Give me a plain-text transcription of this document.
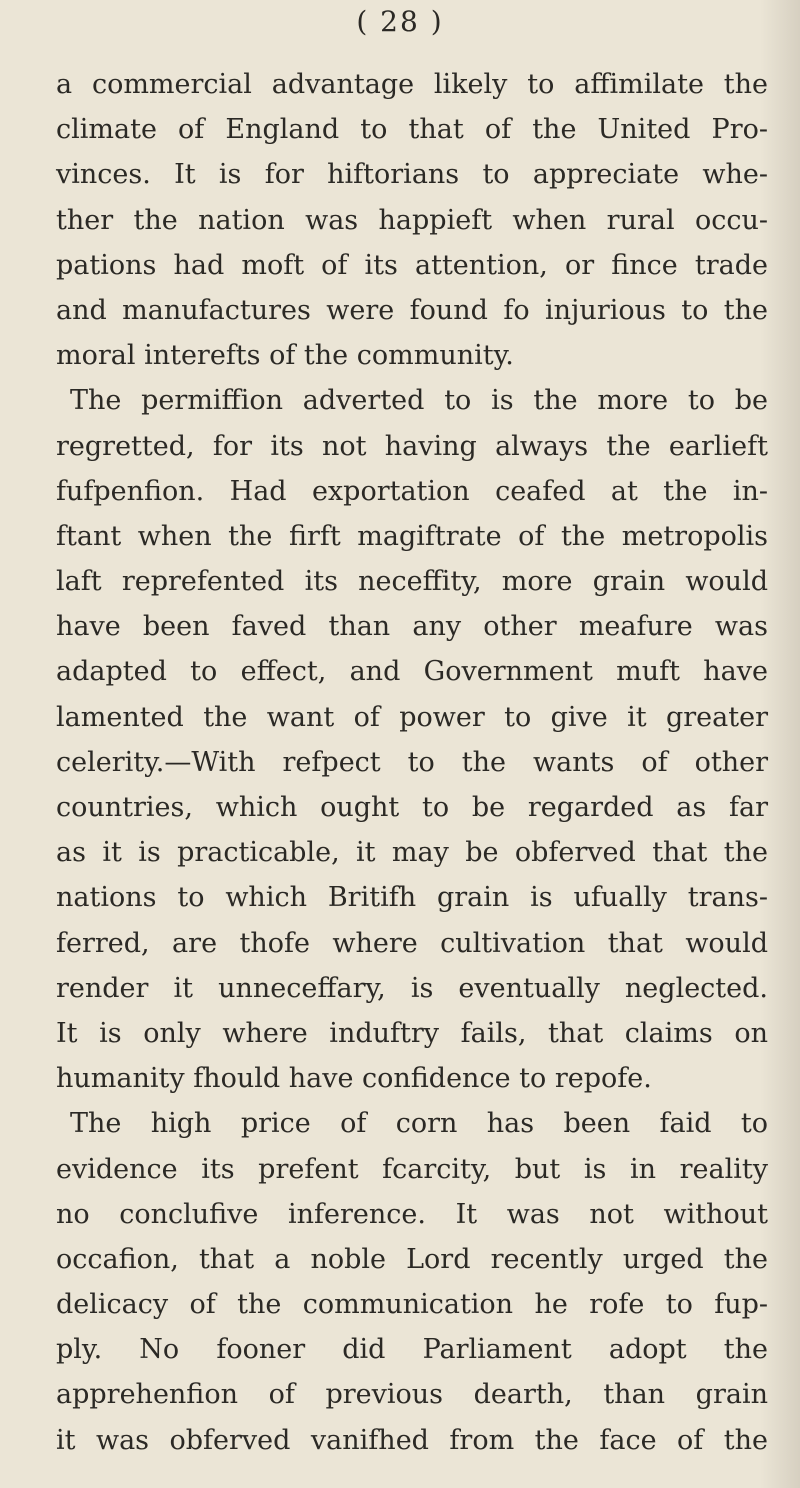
( 28 )
a commercial advantage likely to affimilate the
climate of England to that of the United Pro-
vinces. It is for hiftorians to appreciate whe-
ther the nation was happieft when rural occu-
pations had moft of its attention, or fince trade
and manufactures were found fo injurious to the
moral interefts of the community.
The permiffion adverted to is the more to be
regretted, for its not having always the earlieft
fufpenfion. Had exportation ceafed at the in-
ftant when the firft magiftrate of the metropolis
laft reprefented its neceffity, more grain would
have been faved than any other meafure was
adapted to effect, and Government muft have
lamented the want of power to give it greater
celerity.—With refpect to the wants of other
countries, which ought to be regarded as far
as it is practicable, it may be obferved that the
nations to which Britifh grain is ufually trans-
ferred, are thofe where cultivation that would
render it unneceffary, is eventually neglected.
It is only where induftry fails, that claims on
humanity fhould have confidence to repofe.
The high price of corn has been faid to
evidence its prefent fcarcity, but is in reality
no conclufive inference. It was not without
occafion, that a noble Lord recently urged the
delicacy of the communication he rofe to fup-
ply. No fooner did Parliament adopt the
apprehenfion of previous dearth, than grain
it was obferved vanifhed from the face of the
